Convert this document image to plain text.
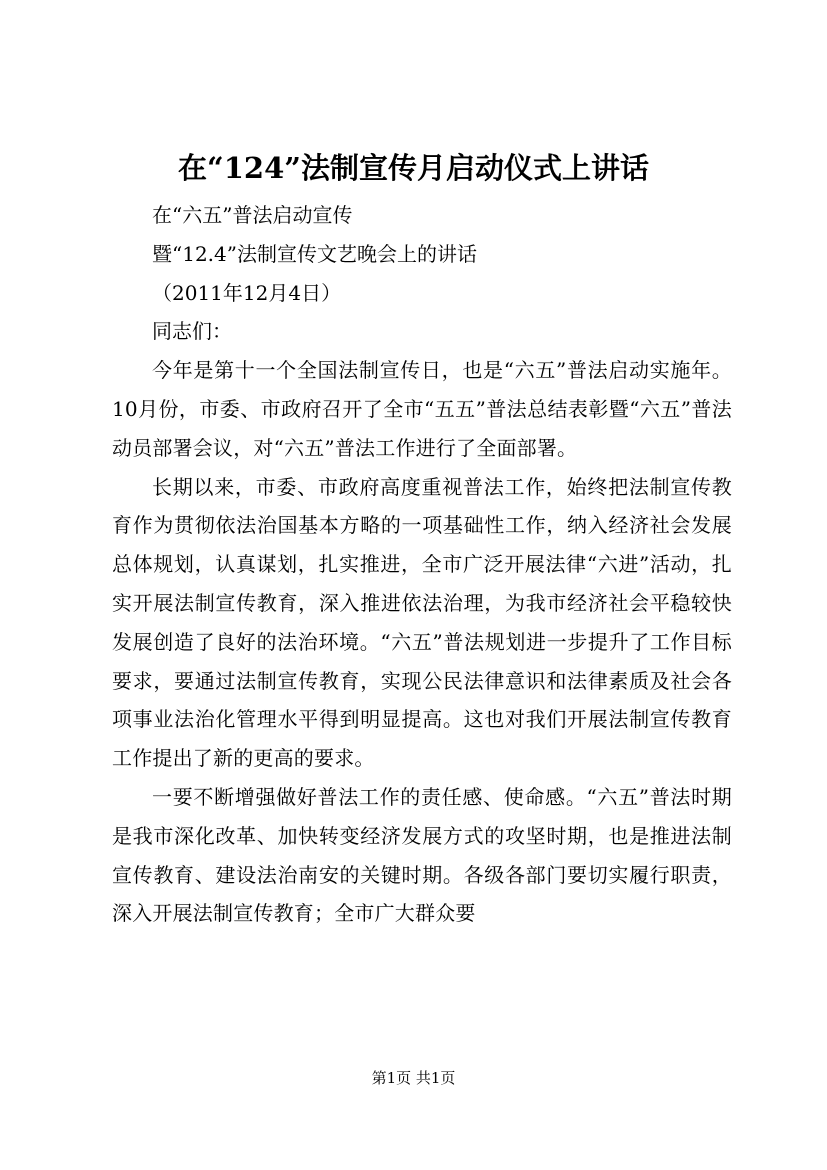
在“124”法制宣传月启动仪式上讲话

在“六五”普法启动宣传

暨“12.4”法制宣传文艺晚会上的讲话

（2011年12月4日）

同志们：

今年是第十一个全国法制宣传日，也是“六五”普法启动实施年。10月份，市委、市政府召开了全市“五五”普法总结表彰暨“六五”普法动员部署会议，对“六五”普法工作进行了全面部署。

长期以来，市委、市政府高度重视普法工作，始终把法制宣传教育作为贯彻依法治国基本方略的一项基础性工作，纳入经济社会发展总体规划，认真谋划，扎实推进，全市广泛开展法律“六进”活动，扎实开展法制宣传教育，深入推进依法治理，为我市经济社会平稳较快发展创造了良好的法治环境。“六五”普法规划进一步提升了工作目标要求，要通过法制宣传教育，实现公民法律意识和法律素质及社会各项事业法治化管理水平得到明显提高。这也对我们开展法制宣传教育工作提出了新的更高的要求。

一要不断增强做好普法工作的责任感、使命感。“六五”普法时期是我市深化改革、加快转变经济发展方式的攻坚时期，也是推进法制宣传教育、建设法治南安的关键时期。各级各部门要切实履行职责，深入开展法制宣传教育；全市广大群众要

第1页 共1页
